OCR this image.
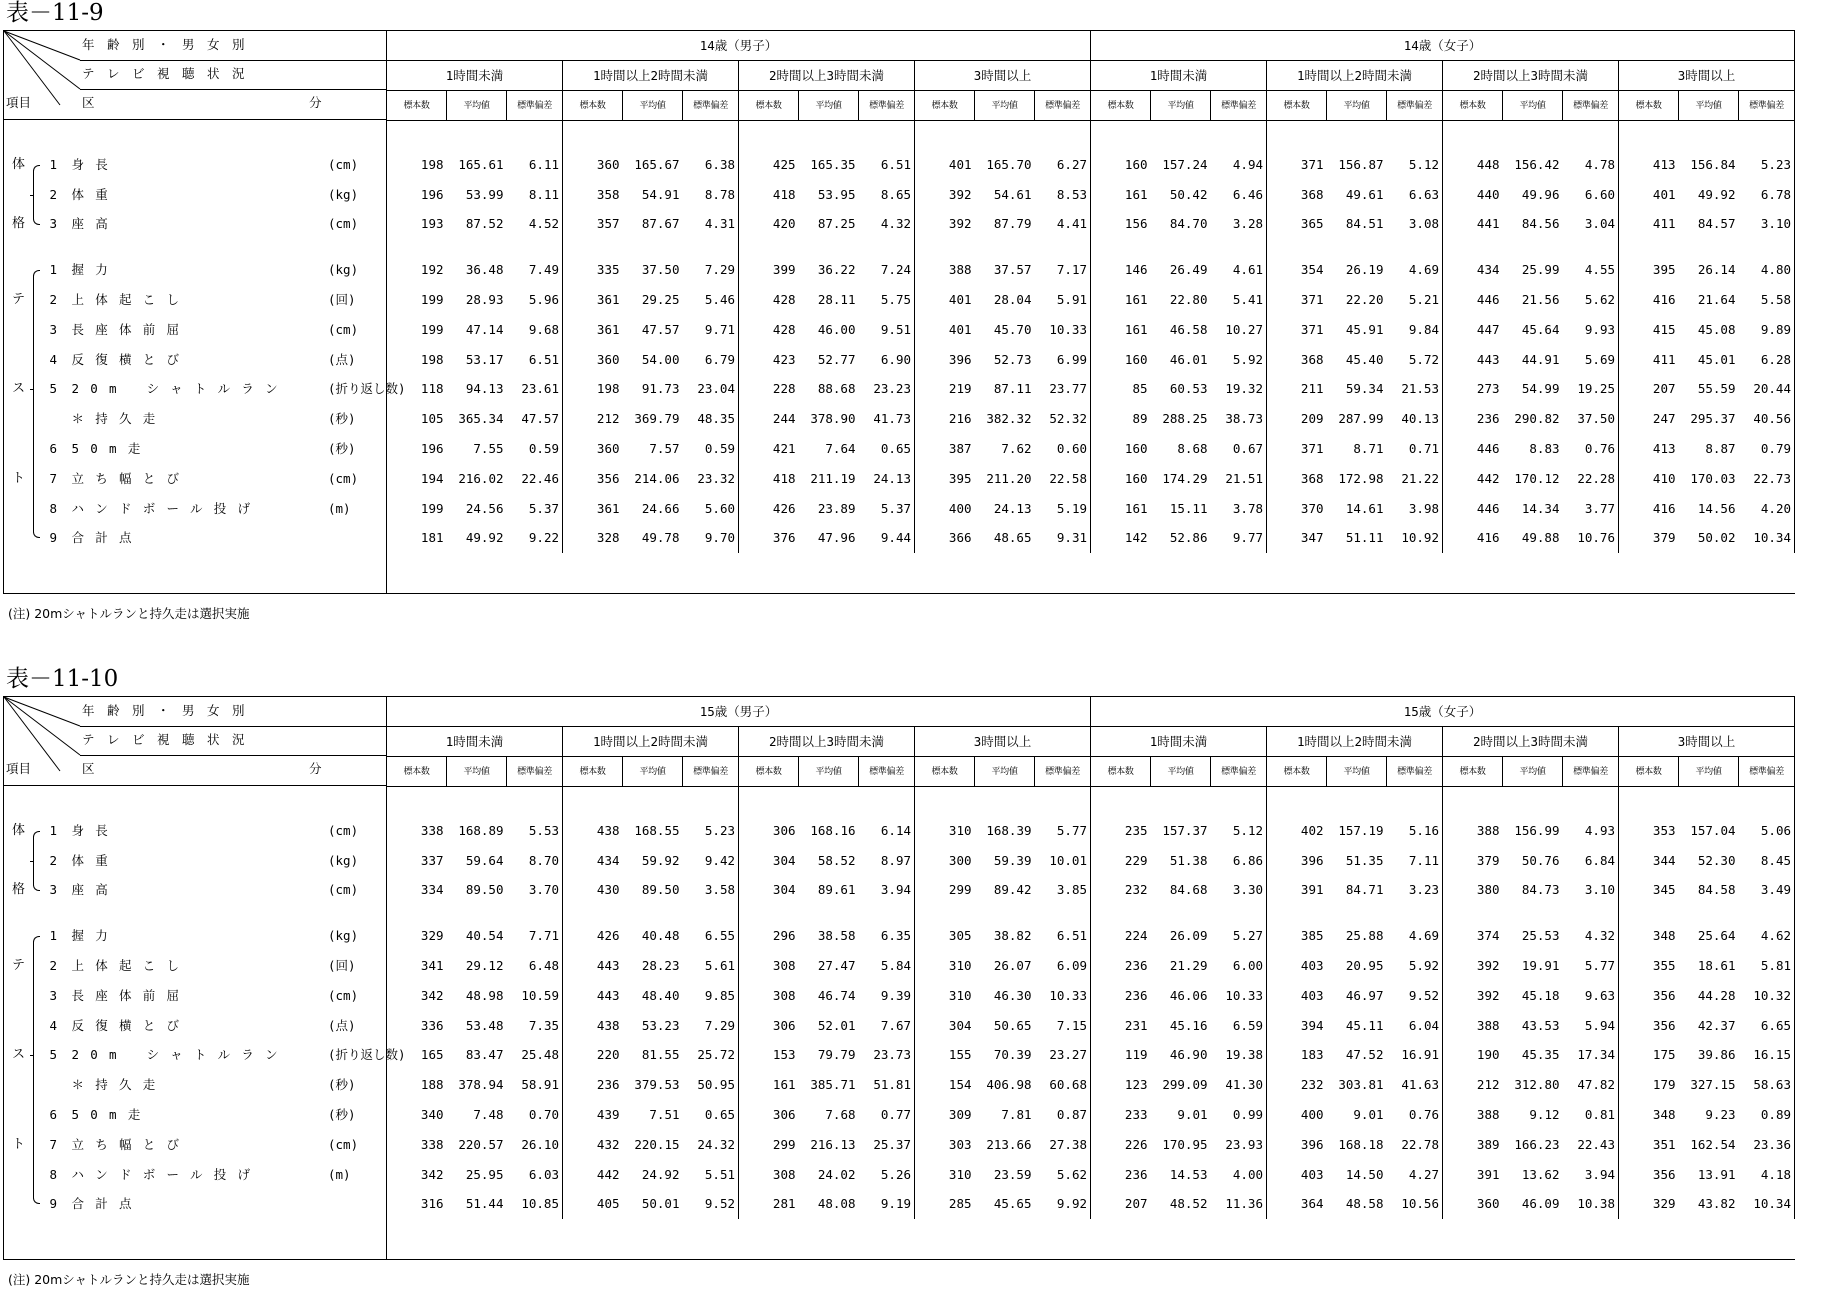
表－11-9
年　齢　別　・　男　女　別
テ　レ　ビ　視　聴　状　況
項目 区 分		14歳（男子）												14歳（女子）											
		1時間未満			1時間以上2時間未満			2時間以上3時間未満			3時間以上			1時間未満			1時間以上2時間未満			2時間以上3時間未満			3時間以上		
		標本数	平均値	標準偏差	標本数	平均値	標準偏差	標本数	平均値	標準偏差	標本数	平均値	標準偏差	標本数	平均値	標準偏差	標本数	平均値	標準偏差	標本数	平均値	標準偏差	標本数	平均値	標準偏差

体	1 身長 (cm)	198	165.61	6.11	360	165.67	6.38	425	165.35	6.51	401	165.70	6.27	160	157.24	4.94	371	156.87	5.12	448	156.42	4.78	413	156.84	5.23

	2 体重 (kg)	196	53.99	8.11	358	54.91	8.78	418	53.95	8.65	392	54.61	8.53	161	50.42	6.46	368	49.61	6.63	440	49.96	6.60	401	49.92	6.78

格	3 座高 (cm)	193	87.52	4.52	357	87.67	4.31	420	87.25	4.32	392	87.79	4.41	156	84.70	3.28	365	84.51	3.08	441	84.56	3.04	411	84.57	3.10

	1 握力 (kg)	192	36.48	7.49	335	37.50	7.29	399	36.22	7.24	388	37.57	7.17	146	26.49	4.61	354	26.19	4.69	434	25.99	4.55	395	26.14	4.80

テ	2 上体起こし (回)	199	28.93	5.96	361	29.25	5.46	428	28.11	5.75	401	28.04	5.91	161	22.80	5.41	371	22.20	5.21	446	21.56	5.62	416	21.64	5.58

	3 長座体前屈 (cm)	199	47.14	9.68	361	47.57	9.71	428	46.00	9.51	401	45.70	10.33	161	46.58	10.27	371	45.91	9.84	447	45.64	9.93	415	45.08	9.89

	4 反復横とび (点)	198	53.17	6.51	360	54.00	6.79	423	52.77	6.90	396	52.73	6.99	160	46.01	5.92	368	45.40	5.72	443	44.91	5.69	411	45.01	6.28

ス	5 20m シャトルラン (折り返し数)	118	94.13	23.61	198	91.73	23.04	228	88.68	23.23	219	87.11	23.77	85	60.53	19.32	211	59.34	21.53	273	54.99	19.25	207	55.59	20.44

＊持久走 (秒)	105	365.34	47.57	212	369.79	48.35	244	378.90	41.73	216	382.32	52.32	89	288.25	38.73	209	287.99	40.13	236	290.82	37.50	247	295.37	40.56

	6 50m走 (秒)	196	7.55	0.59	360	7.57	0.59	421	7.64	0.65	387	7.62	0.60	160	8.68	0.67	371	8.71	0.71	446	8.83	0.76	413	8.87	0.79

ト	7 立ち幅とび (cm)	194	216.02	22.46	356	214.06	23.32	418	211.19	24.13	395	211.20	22.58	160	174.29	21.51	368	172.98	21.22	442	170.12	22.28	410	170.03	22.73

	8 ハンドボール投げ (m)	199	24.56	5.37	361	24.66	5.60	426	23.89	5.37	400	24.13	5.19	161	15.11	3.78	370	14.61	3.98	446	14.34	3.77	416	14.56	4.20

	9 合計点	181	49.92	9.22	328	49.78	9.70	376	47.96	9.44	366	48.65	9.31	142	52.86	9.77	347	51.11	10.92	416	49.88	10.76	379	50.02	10.34

(注) 20mシャトルランと持久走は選択実施
表－11-10
年　齢　別　・　男　女　別
テ　レ　ビ　視　聴　状　況
項目 区 分		15歳（男子）												15歳（女子）											
		1時間未満			1時間以上2時間未満			2時間以上3時間未満			3時間以上			1時間未満			1時間以上2時間未満			2時間以上3時間未満			3時間以上		
		標本数	平均値	標準偏差	標本数	平均値	標準偏差	標本数	平均値	標準偏差	標本数	平均値	標準偏差	標本数	平均値	標準偏差	標本数	平均値	標準偏差	標本数	平均値	標準偏差	標本数	平均値	標準偏差

体	1 身長 (cm)	338	168.89	5.53	438	168.55	5.23	306	168.16	6.14	310	168.39	5.77	235	157.37	5.12	402	157.19	5.16	388	156.99	4.93	353	157.04	5.06

	2 体重 (kg)	337	59.64	8.70	434	59.92	9.42	304	58.52	8.97	300	59.39	10.01	229	51.38	6.86	396	51.35	7.11	379	50.76	6.84	344	52.30	8.45

格	3 座高 (cm)	334	89.50	3.70	430	89.50	3.58	304	89.61	3.94	299	89.42	3.85	232	84.68	3.30	391	84.71	3.23	380	84.73	3.10	345	84.58	3.49

	1 握力 (kg)	329	40.54	7.71	426	40.48	6.55	296	38.58	6.35	305	38.82	6.51	224	26.09	5.27	385	25.88	4.69	374	25.53	4.32	348	25.64	4.62

テ	2 上体起こし (回)	341	29.12	6.48	443	28.23	5.61	308	27.47	5.84	310	26.07	6.09	236	21.29	6.00	403	20.95	5.92	392	19.91	5.77	355	18.61	5.81

	3 長座体前屈 (cm)	342	48.98	10.59	443	48.40	9.85	308	46.74	9.39	310	46.30	10.33	236	46.06	10.33	403	46.97	9.52	392	45.18	9.63	356	44.28	10.32

	4 反復横とび (点)	336	53.48	7.35	438	53.23	7.29	306	52.01	7.67	304	50.65	7.15	231	45.16	6.59	394	45.11	6.04	388	43.53	5.94	356	42.37	6.65

ス	5 20m シャトルラン (折り返し数)	165	83.47	25.48	220	81.55	25.72	153	79.79	23.73	155	70.39	23.27	119	46.90	19.38	183	47.52	16.91	190	45.35	17.34	175	39.86	16.15

＊持久走 (秒)	188	378.94	58.91	236	379.53	50.95	161	385.71	51.81	154	406.98	60.68	123	299.09	41.30	232	303.81	41.63	212	312.80	47.82	179	327.15	58.63

	6 50m走 (秒)	340	7.48	0.70	439	7.51	0.65	306	7.68	0.77	309	7.81	0.87	233	9.01	0.99	400	9.01	0.76	388	9.12	0.81	348	9.23	0.89

ト	7 立ち幅とび (cm)	338	220.57	26.10	432	220.15	24.32	299	216.13	25.37	303	213.66	27.38	226	170.95	23.93	396	168.18	22.78	389	166.23	22.43	351	162.54	23.36

	8 ハンドボール投げ (m)	342	25.95	6.03	442	24.92	5.51	308	24.02	5.26	310	23.59	5.62	236	14.53	4.00	403	14.50	4.27	391	13.62	3.94	356	13.91	4.18

	9 合計点	316	51.44	10.85	405	50.01	9.52	281	48.08	9.19	285	45.65	9.92	207	48.52	11.36	364	48.58	10.56	360	46.09	10.38	329	43.82	10.34

(注) 20mシャトルランと持久走は選択実施
